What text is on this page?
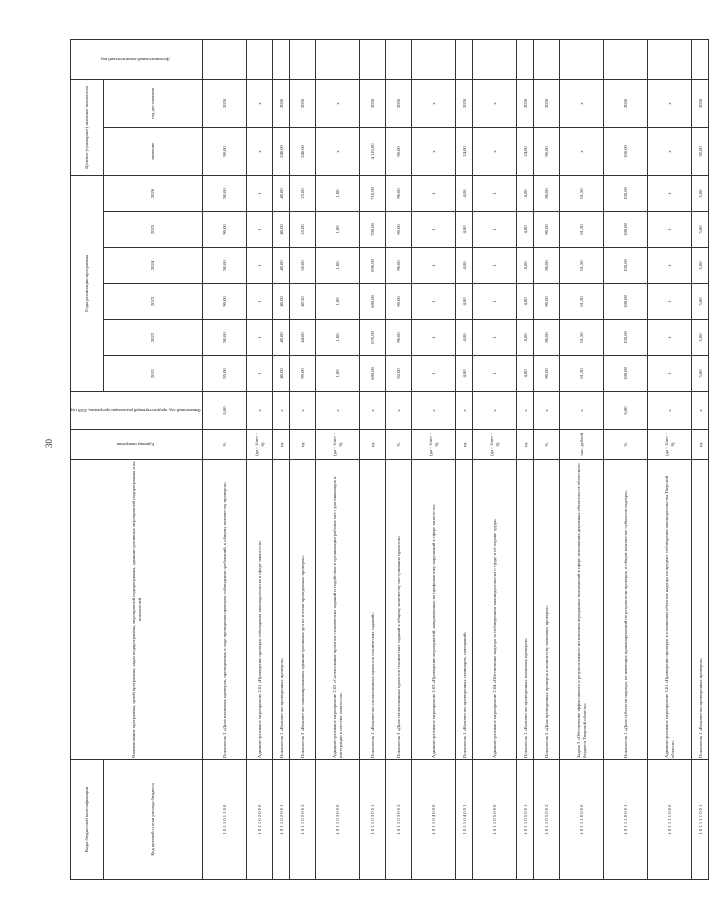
30
Коды бюджетной классификации	Наименование программы, целей программы, задач подпрограммы, мероприятий подпрограммы, административных мероприятий подпрограммы и их показателей	Единица измерения	Финансовый год, предшествующий реализации программы, 2020 год	Годы реализации программы						Целевое (суммарное) значение показателя		Дополнительный аналитический код
Код целевой статьи расхода бюджета				2021	2022	2023	2024	2025	2026	значение	год достижения	
1 0 1 1 0 1 1 0 0	Показатель 3 «Доля плановых проверок, проведенных в ходе проведения проверок соблюдения требований, к общему количеству проверок»	%	0,00	95,00	90,00	90,00	90,00	90,00	90,00	90,00	2026	
1 0 1 1 0 2 0 0 0	Административное мероприятие 2.01 «Проведение проверок соблюдения законодательства в сфере занятости»	(да - 1/нет - 0)	х	1	1	1	1	1	1	х	х	
1 0 1 1 0 2 0 0 1	Показатель 1 «Количество проведенных проверок»	ед.	х	40,00	40,00	40,00	40,00	40,00	40,00	240,00	2026	
1 0 1 1 0 2 0 0 2	Показатель 2 «Количество запланированных административных дел по итогам проведенных проверок»	ед.	х	99,00	44,00	49,50	50,00	25,00	25,00	240,00	2026	
1 0 1 1 0 3 0 0 0	Административное мероприятие 2.02 «Согласование проектов технических заданий и содействие в организации рабочих мест для инвалидов и интеграции в системе занятости»	(да - 1/нет - 0)	х	1,00	1,00	1,00	1,00	1,00	1,00	х	х	
1 0 1 1 0 3 0 0 1	Показатель 1 «Количество согласованных проектов технических заданий»	ед.	х	680,00	670,00	680,00	690,00	700,00	710,00	4 110,00	2026	
1 0 1 1 0 3 0 0 2	Показатель 2 «Доля согласованных проектов технических заданий к общему количеству поступивших проектов»	%	х	92,00	90,00	90,00	90,00	90,00	90,00	90,00	2026	
1 0 1 1 0 4 0 0 0	Административное мероприятие 2.03 «Проведение мероприятий, направленных на профилактику нарушений в сфере занятости»	(да - 1/нет - 0)	х	1	1	1	1	1	1	х	х	
1 0 1 1 0 4 0 0 1	Показатель 1 «Количество проведенных семинаров, совещаний»	ед.	х	4,00	4,00	4,00	4,00	4,00	4,00	24,00	2026	
1 0 1 1 0 5 0 0 0	Административное мероприятие 2.04 «Обеспечение надзора за соблюдением законодательства о труде и об охране труда»	(да - 1/нет - 0)	х	1	1	1	1	1	1	х	х	
1 0 1 1 0 5 0 0 1	Показатель 1 «Количество проведенных плановых проверок»	ед.	х	4,00	4,00	4,00	4,00	4,00	4,00	24,00	2026	
1 0 1 1 0 5 0 0 2	Показатель 2 «Доля проведенных проверок к количеству плановых проверок»	%	х	90,00	90,00	90,00	90,00	90,00	90,00	90,00	2026	
1 0 1 1 1 0 0 0 0	Задача 3 «Обеспечение эффективного и результативного исполнения переданных полномочий в сфере исполнения денежных обязательств областного бюджета Тверской области»	тыс. рублей	х	61,50	61,50	61,50	61,50	61,50	61,50	х	х	
1 0 1 1 1 0 0 0 1	Показатель 1 «Доля субъектов надзора, не имеющих правонарушений по результатам проверок, в общем количестве субъектов надзора»	%	0,00	100,00	100,00	100,00	100,00	100,00	100,00	100,00	2026	
1 0 1 1 1 1 0 0 0	Административное мероприятие 3.01 «Проведение проверок в отношении объектов надзора на предмет соблюдения законодательства Тверской области»	(да - 1/нет - 0)	х	1	1	1	1	1	1	х	х	
1 0 1 1 1 1 0 0 1	Показатель 1 «Количество проведенных проверок»	ед.	х	5,00	5,00	5,00	5,00	5,00	5,00	30,00	2026	
